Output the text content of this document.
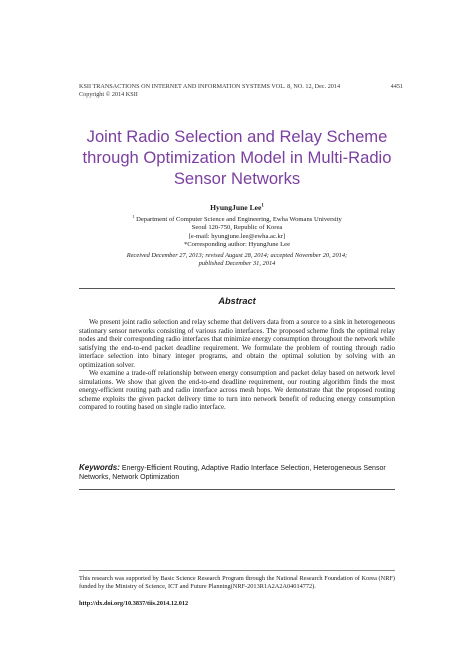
KSII TRANSACTIONS ON INTERNET AND INFORMATION SYSTEMS VOL. 8, NO. 12, Dec. 2014
Copyright © 2014 KSII
4451
Joint Radio Selection and Relay Scheme
through Optimization Model in Multi-Radio
Sensor Networks
HyungJune Lee$^1$
$^1$ Department of Computer Science and Engineering, Ewha Womans University
Seoul 120-750, Republic of Korea
[e-mail: hyungjune.lee@ewha.ac.kr]
*Corresponding author: HyungJune Lee
Received December 27, 2013; revised August 28, 2014; accepted November 20, 2014;
published December 31, 2014
Abstract

We present joint radio selection and relay scheme that delivers data from a source to a sink in heterogeneous stationary sensor networks consisting of various radio interfaces. The proposed scheme finds the optimal relay nodes and their corresponding radio interfaces that minimize energy consumption throughout the network while satisfying the end-to-end packet deadline requirement. We formulate the problem of routing through radio interface selection into binary integer programs, and obtain the optimal solution by solving with an optimization solver.

We examine a trade-off relationship between energy consumption and packet delay based on network level simulations. We show that given the end-to-end deadline requirement, our routing algorithm finds the most energy-efficient routing path and radio interface across mesh hops. We demonstrate that the proposed routing scheme exploits the given packet delivery time to turn into network benefit of reducing energy consumption compared to routing based on single radio interface.

Keywords: Energy-Efficient Routing, Adaptive Radio Interface Selection, Heterogeneous Sensor Networks, Network Optimization
This research was supported by Basic Science Research Program through the National Research Foundation of Korea (NRF) funded by the Ministry of Science, ICT and Future Planning(NRF-2013R1A2A2A04014772).
http://dx.doi.org/10.3837/tiis.2014.12.012
